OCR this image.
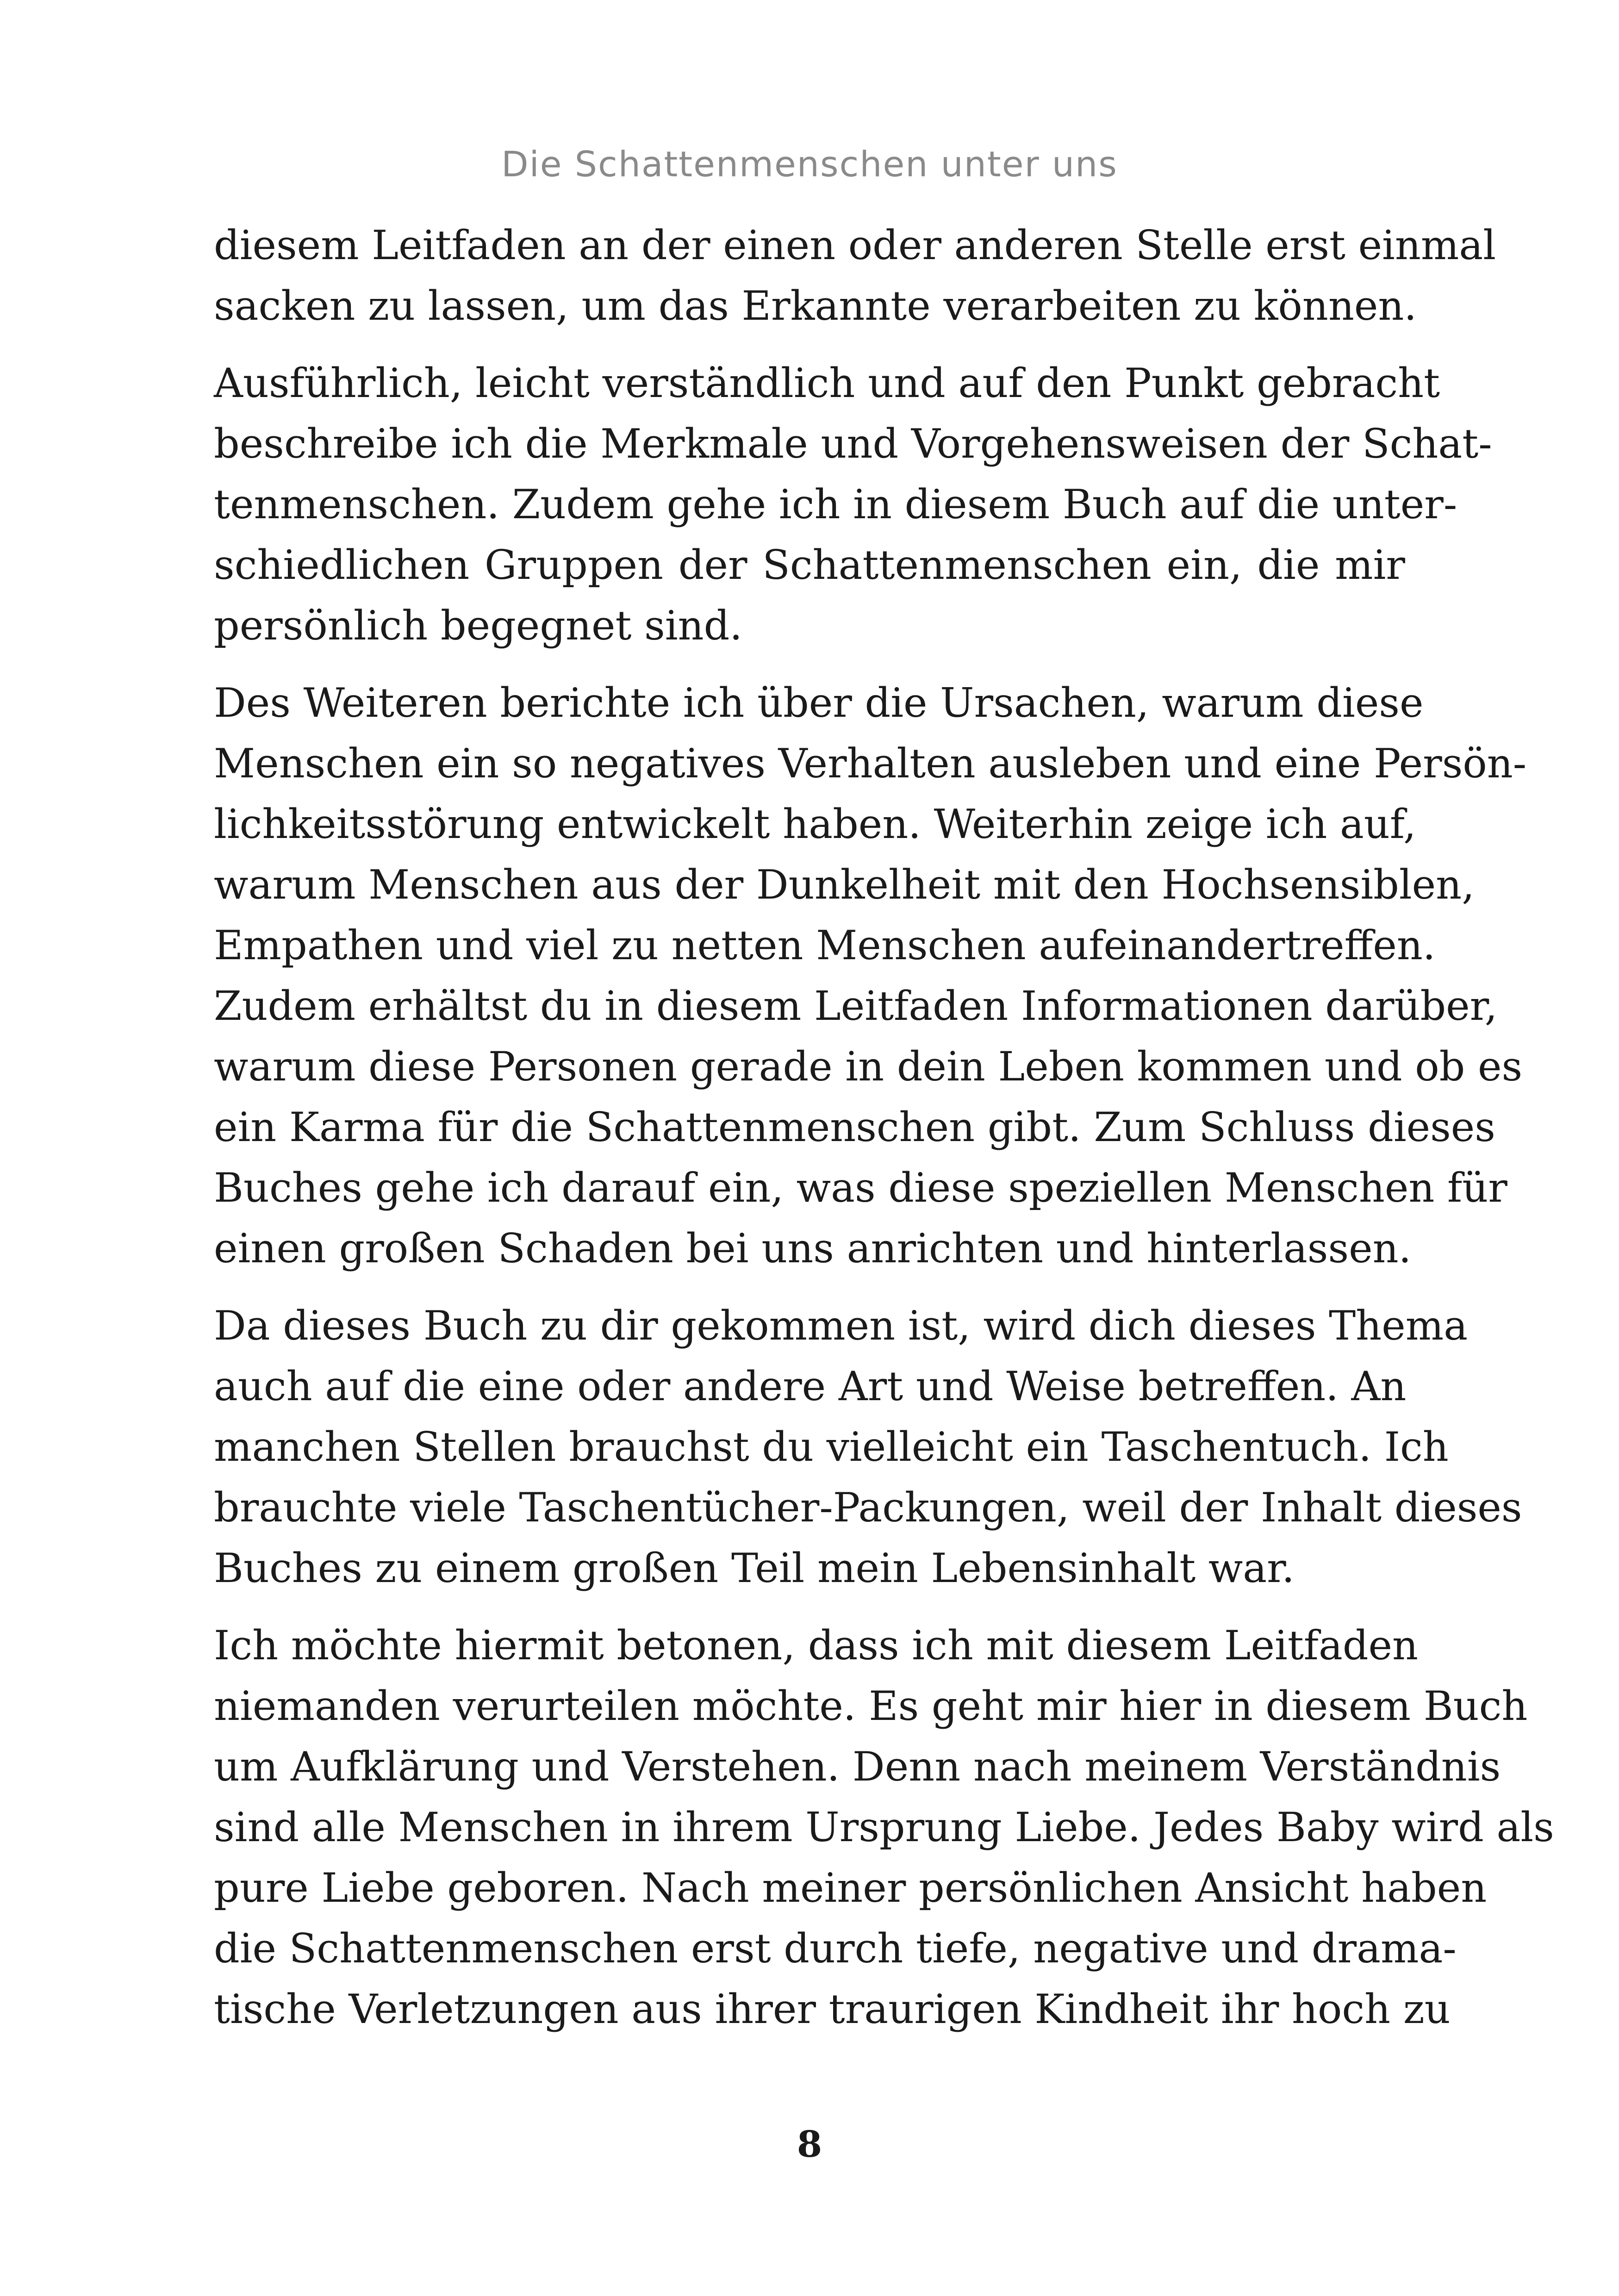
Die Schattenmenschen unter uns

diesem Leitfaden an der einen oder anderen Stelle erst einmal
sacken zu lassen, um das Erkannte verarbeiten zu können.

Ausführlich, leicht verständlich und auf den Punkt gebracht
beschreibe ich die Merkmale und Vorgehensweisen der Schat-
tenmenschen. Zudem gehe ich in diesem Buch auf die unter-
schiedlichen Gruppen der Schattenmenschen ein, die mir
persönlich begegnet sind.

Des Weiteren berichte ich über die Ursachen, warum diese
Menschen ein so negatives Verhalten ausleben und eine Persön-
lichkeitsstörung entwickelt haben. Weiterhin zeige ich auf,
warum Menschen aus der Dunkelheit mit den Hochsensiblen,
Empathen und viel zu netten Menschen aufeinandertreffen.
Zudem erhältst du in diesem Leitfaden Informationen darüber,
warum diese Personen gerade in dein Leben kommen und ob es
ein Karma für die Schattenmenschen gibt. Zum Schluss dieses
Buches gehe ich darauf ein, was diese speziellen Menschen für
einen großen Schaden bei uns anrichten und hinterlassen.

Da dieses Buch zu dir gekommen ist, wird dich dieses Thema
auch auf die eine oder andere Art und Weise betreffen. An
manchen Stellen brauchst du vielleicht ein Taschentuch. Ich
brauchte viele Taschentücher-Packungen, weil der Inhalt dieses
Buches zu einem großen Teil mein Lebensinhalt war.

Ich möchte hiermit betonen, dass ich mit diesem Leitfaden
niemanden verurteilen möchte. Es geht mir hier in diesem Buch
um Aufklärung und Verstehen. Denn nach meinem Verständnis
sind alle Menschen in ihrem Ursprung Liebe. Jedes Baby wird als
pure Liebe geboren. Nach meiner persönlichen Ansicht haben
die Schattenmenschen erst durch tiefe, negative und drama-
tische Verletzungen aus ihrer traurigen Kindheit ihr hoch zu

8
